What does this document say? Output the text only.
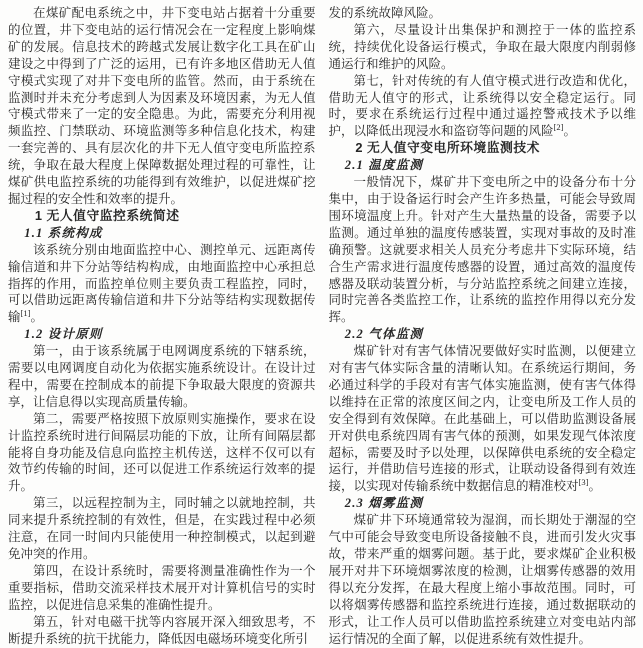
在煤矿配电系统之中，井下变电站占据着十分重要的位置，井下变电站的运行情况会在一定程度上影响煤矿的发展。信息技术的跨越式发展让数字化工具在矿山建设之中得到了广泛的运用，已有许多地区借助无人值守模式实现了对井下变电所的监管。然而，由于系统在监测时并未充分考虑到人为因素及环境因素，为无人值守模式带来了一定的安全隐患。为此，需要充分利用视频监控、门禁联动、环境监测等多种信息化技术，构建一套完善的、具有层次化的井下无人值守变电所监控系统，争取在最大程度上保障数据处理过程的可靠性，让煤矿供电监控系统的功能得到有效维护，以促进煤矿挖掘过程的安全性和效率的提升。
1 无人值守监控系统简述
1.1 系统构成
该系统分别由地面监控中心、测控单元、远距离传输信道和井下分站等结构构成，由地面监控中心承担总指挥的作用，而监控单位则主要负责工程监控，同时，可以借助远距离传输信道和井下分站等结构实现数据传输[1]。
1.2 设计原则
第一，由于该系统属于电网调度系统的下辖系统，需要以电网调度自动化为依据实施系统设计。在设计过程中，需要在控制成本的前提下争取最大限度的资源共享，让信息得以实现高质量传输。
第二，需要严格按照下放原则实施操作，要求在设计监控系统时进行间隔层功能的下放，让所有间隔层都能将自身功能及信息向监控主机传送，这样不仅可以有效节约传输的时间，还可以促进工作系统运行效率的提升。
第三，以远程控制为主，同时辅之以就地控制，共同来提升系统控制的有效性，但是，在实践过程中必须注意，在同一时间内只能使用一种控制模式，以起到避免冲突的作用。
第四，在设计系统时，需要将测量准确性作为一个重要指标，借助交流采样技术展开对计算机信号的实时监控，以促进信息采集的准确性提升。
第五，针对电磁干扰等内容展开深入细致思考，不断提升系统的抗干扰能力，降低因电磁场环境变化所引
发的系统故障风险。
第六，尽量设计出集保护和测控于一体的监控系统，持续优化设备运行模式，争取在最大限度内削弱修通运行和维护的风险。
第七，针对传统的有人值守模式进行改造和优化，借助无人值守的形式，让系统得以安全稳定运行。同时，要求在系统运行过程中通过遥控警戒技术予以维护，以降低出现浸水和盗窃等问题的风险[2]。
2 无人值守变电所环境监测技术
2.1 温度监测
一般情况下，煤矿井下变电所之中的设备分布十分集中，由于设备运行时会产生许多热量，可能会导致周围环境温度上升。针对产生大量热量的设备，需要予以监测。通过单独的温度传感装置，实现对事故的及时准确预警。这就要求相关人员充分考虑井下实际环境，结合生产需求进行温度传感器的设置，通过高效的温度传感器及联动装置分析，与分站监控系统之间建立连接，同时完善各类监控工作，让系统的监控作用得以充分发挥。
2.2 气体监测
煤矿针对有害气体情况要做好实时监测，以便建立对有害气体实际含量的清晰认知。在系统运行期间，务必通过科学的手段对有害气体实施监测，使有害气体得以维持在正常的浓度区间之内，让变电所及工作人员的安全得到有效保障。在此基础上，可以借助监测设备展开对供电系统四周有害气体的预测，如果发现气体浓度超标，需要及时予以处理，以保障供电系统的安全稳定运行，并借助信号连接的形式，让联动设备得到有效连接，以实现对传输系统中数据信息的精准校对[3]。
2.3 烟雾监测
煤矿井下环境通常较为湿润，而长期处于潮湿的空气中可能会导致变电所设备接触不良，进而引发火灾事故，带来严重的烟雾问题。基于此，要求煤矿企业积极展开对井下环境烟雾浓度的检测，让烟雾传感器的效用得以充分发挥，在最大程度上缩小事故范围。同时，可以将烟雾传感器和监控系统进行连接，通过数据联动的形式，让工作人员可以借助监控系统建立对变电站内部运行情况的全面了解，以促进系统有效性提升。
